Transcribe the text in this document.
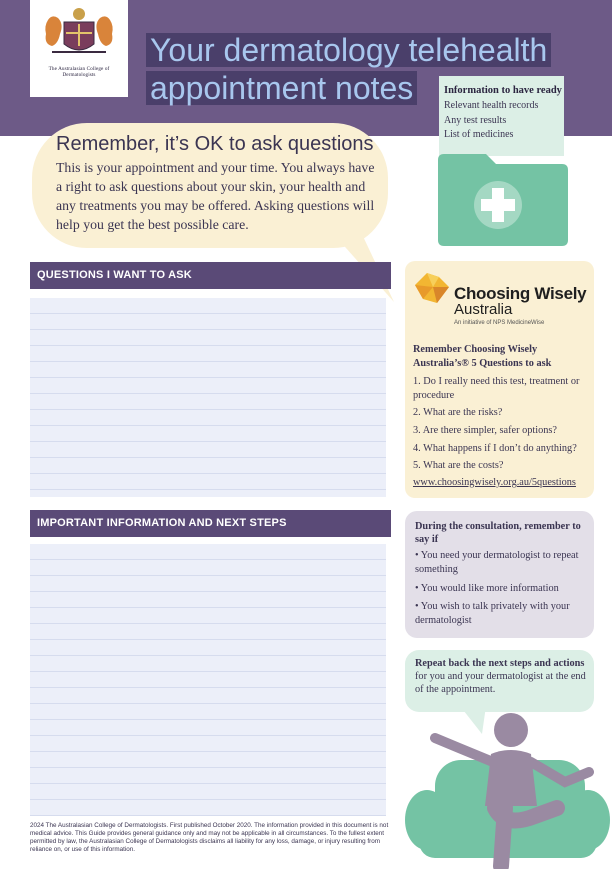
The Australasian College of Dermatologists
Your dermatology telehealth
appointment notes	Information to have ready
Relevant health records
Any test results
List of medicines
Remember, it’s OK to ask questions
This is your appointment and your time. You always have a right to ask questions about your skin, your health and any treatments you may be offered. Asking questions will help you get the best possible care.
QUESTIONS I WANT TO ASK
IMPORTANT INFORMATION AND NEXT STEPS
Choosing Wisely
Australia
An initiative of NPS MedicineWise
Remember Choosing Wisely Australia’s® 5 Questions to ask
1. Do I really need this test, treatment or procedure
2. What are the risks?
3. Are there simpler, safer options?
4. What happens if I don’t do anything?
5. What are the costs?
www.choosingwisely.org.au/5questions
During the consultation, remember to say if
• You need your dermatologist to repeat something
• You would like more information
• You wish to talk privately with your dermatologist
Repeat back the next steps and actions for you and your dermatologist at the end of the appointment.
2024 The Australasian College of Dermatologists. First published October 2020. The information provided in this document is not medical advice. This Guide provides general guidance only and may not be applicable in all circumstances. To the fullest extent permitted by law, the Australasian College of Dermatologists disclaims all liability for any loss, damage, or injury resulting from reliance on, or use of this information.
